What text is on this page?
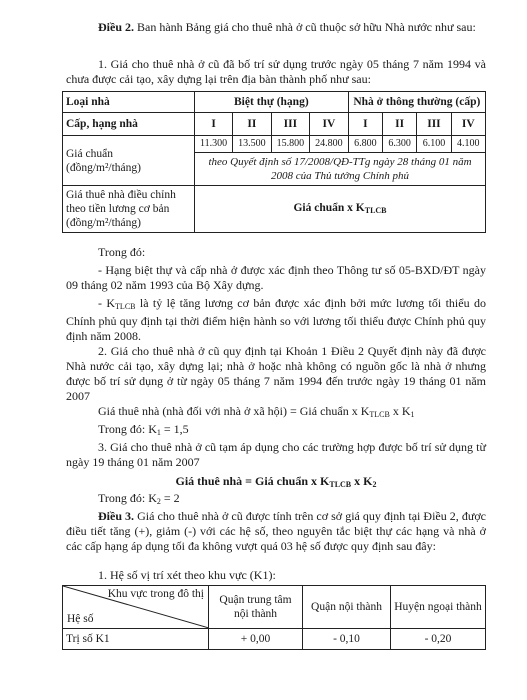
Điều 2. Ban hành Bảng giá cho thuê nhà ở cũ thuộc sở hữu Nhà nước như sau:

1. Giá cho thuê nhà ở cũ đã bố trí sử dụng trước ngày 05 tháng 7 năm 1994 và chưa được cải tạo, xây dựng lại trên địa bàn thành phố như sau:

Loại nhà	Biệt thự (hạng)				Nhà ở thông thường (cấp)			
Cấp, hạng nhà	I	II	III	IV	I	II	III	IV
Giá chuẩn
(đồng/m²/tháng)	11.300	13.500	15.800	24.800	6.800	6.300	6.100	4.100
	theo Quyết định số 17/2008/QĐ-TTg ngày 28 tháng 01 năm 2008 của Thủ tướng Chính phủ							
Giá thuê nhà điều chỉnh theo tiền lương cơ bản (đồng/m²/tháng)	Giá chuẩn x $K_{TLCB}$

Trong đó:

- Hạng biệt thự và cấp nhà ở được xác định theo Thông tư số 05-BXD/ĐT ngày 09 tháng 02 năm 1993 của Bộ Xây dựng.

- $K_{TLCB}$ là tỷ lệ tăng lương cơ bản được xác định bởi mức lương tối thiểu do Chính phủ quy định tại thời điểm hiện hành so với lương tối thiểu được Chính phủ quy định năm 2008.

2. Giá cho thuê nhà ở cũ quy định tại Khoản 1 Điều 2 Quyết định này đã được Nhà nước cải tạo, xây dựng lại; nhà ở hoặc nhà không có nguồn gốc là nhà ở nhưng được bố trí sử dụng ở từ ngày 05 tháng 7 năm 1994 đến trước ngày 19 tháng 01 năm 2007

Giá thuê nhà (nhà đối với nhà ở xã hội) = Giá chuẩn x $K_{TLCB}$ x $K_1$

Trong đó: $K_1 = 1,5$

3. Giá cho thuê nhà ở cũ tạm áp dụng cho các trường hợp được bố trí sử dụng từ ngày 19 tháng 01 năm 2007

Giá thuê nhà = Giá chuẩn x $K_{TLCB}$ x $K_2$

Trong đó: $K_2 = 2$

Điều 3. Giá cho thuê nhà ở cũ được tính trên cơ sở giá quy định tại Điều 2, được điều tiết tăng (+), giảm (-) với các hệ số, theo nguyên tắc biệt thự các hạng và nhà ở các cấp hạng áp dụng tối đa không vượt quá 03 hệ số được quy định sau đây:

1. Hệ số vị trí xét theo khu vực (K1):

Khu vực trong đô thị
Hệ số	Quận trung tâm nội thành	Quận nội thành	Huyện ngoại thành
Trị số K1	+ 0,00	- 0,10	- 0,20
